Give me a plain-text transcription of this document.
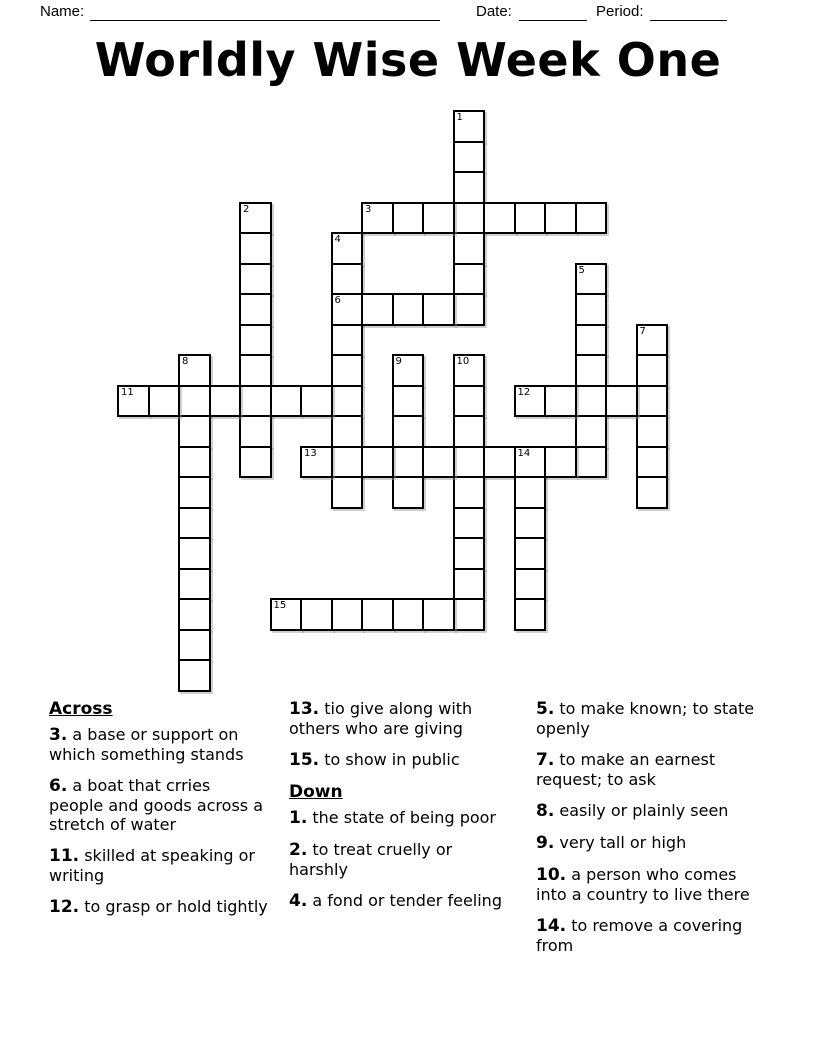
Name:	Date:	Period:
Worldly Wise Week One
1
2	3
4
6
5
7
8	9	10
11	12
13	14
15
Across
3. a base or support on which something stands
6. a boat that crries people and goods across a stretch of water
11. skilled at speaking or writing
12. to grasp or hold tightly
13. tio give along with others who are giving
15. to show in public
Down
1. the state of being poor
2. to treat cruelly or harshly
4. a fond or tender feeling
5. to make known; to state openly
7. to make an earnest request; to ask
8. easily or plainly seen
9. very tall or high
10. a person who comes into a country to live there
14. to remove a covering from
